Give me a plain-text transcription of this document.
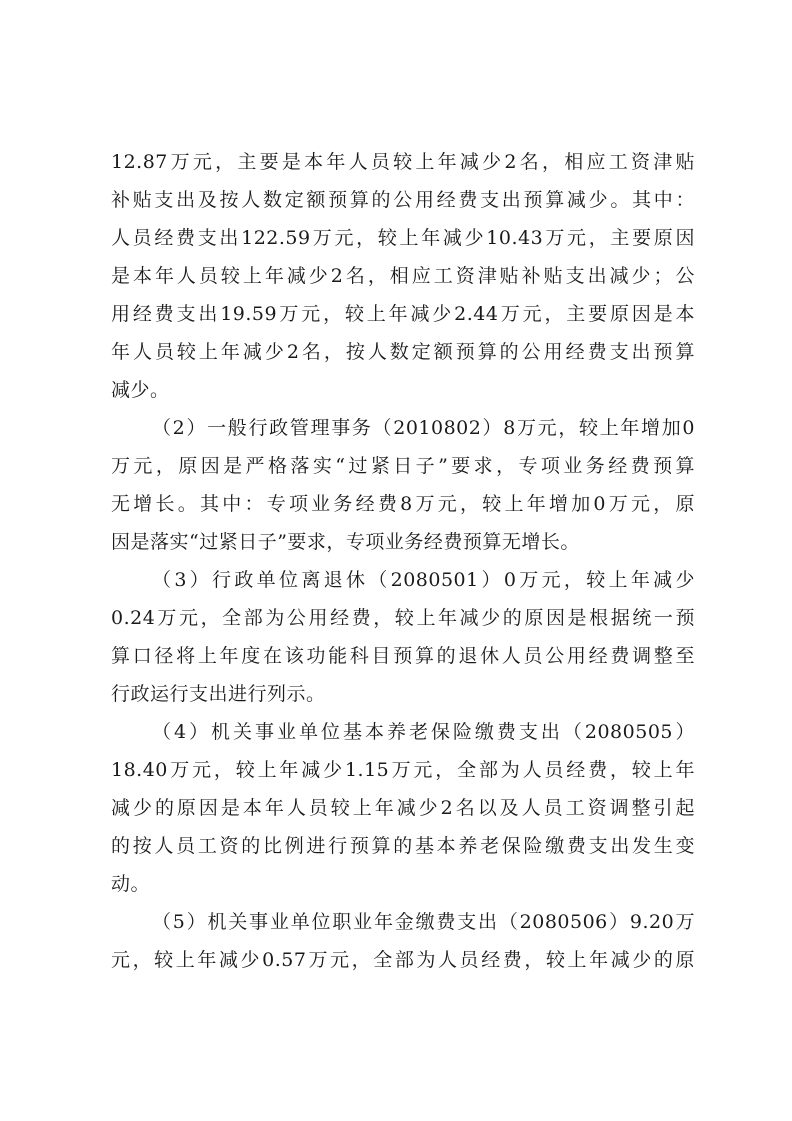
12.87万元，主要是本年人员较上年减少2名，相应工资津贴
补贴支出及按人数定额预算的公用经费支出预算减少。其中：
人员经费支出122.59万元，较上年减少10.43万元，主要原因
是本年人员较上年减少2名，相应工资津贴补贴支出减少；公
用经费支出19.59万元，较上年减少2.44万元，主要原因是本
年人员较上年减少2名，按人数定额预算的公用经费支出预算
减少。
（2）一般行政管理事务（2010802）8万元，较上年增加0
万元，原因是严格落实“过紧日子”要求，专项业务经费预算
无增长。其中：专项业务经费8万元，较上年增加0万元，原
因是落实“过紧日子”要求，专项业务经费预算无增长。
（3）行政单位离退休（2080501）0万元，较上年减少
0.24万元，全部为公用经费，较上年减少的原因是根据统一预
算口径将上年度在该功能科目预算的退休人员公用经费调整至
行政运行支出进行列示。
（4）机关事业单位基本养老保险缴费支出（2080505）
18.40万元，较上年减少1.15万元，全部为人员经费，较上年
减少的原因是本年人员较上年减少2名以及人员工资调整引起
的按人员工资的比例进行预算的基本养老保险缴费支出发生变
动。
（5）机关事业单位职业年金缴费支出（2080506）9.20万
元，较上年减少0.57万元，全部为人员经费，较上年减少的原
